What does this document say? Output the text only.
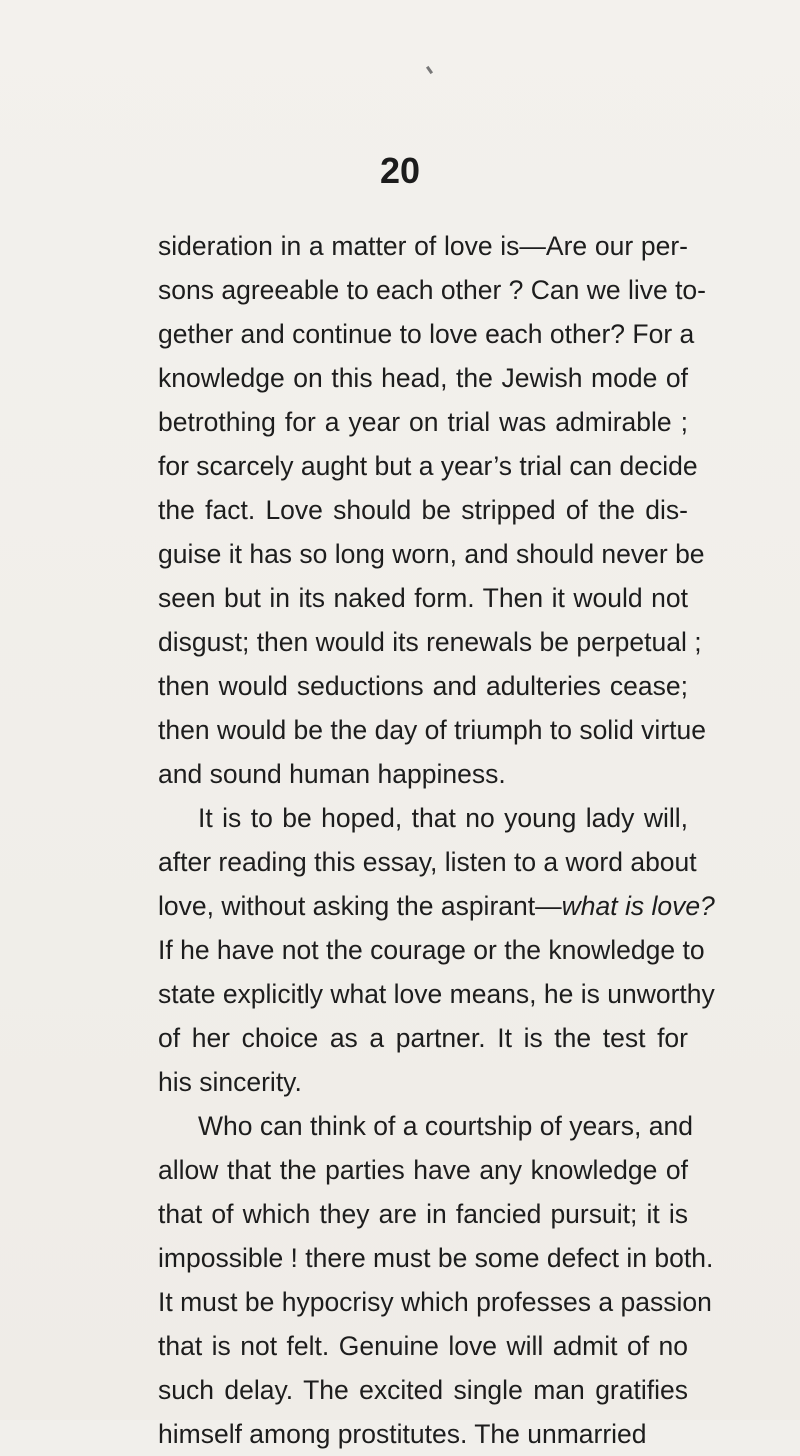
20
sideration in a matter of love is—Are our per-
sons agreeable to each other ? Can we live to-
gether and continue to love each other? For a
knowledge on this head, the Jewish mode of
betrothing for a year on trial was admirable ;
for scarcely aught but a year’s trial can decide
the fact. Love should be stripped of the dis-
guise it has so long worn, and should never be
seen but in its naked form. Then it would not
disgust; then would its renewals be perpetual ;
then would seductions and adulteries cease;
then would be the day of triumph to solid virtue
and sound human happiness.
It is to be hoped, that no young lady will,
after reading this essay, listen to a word about
love, without asking the aspirant—what is love?
If he have not the courage or the knowledge to
state explicitly what love means, he is unworthy
of her choice as a partner. It is the test for
his sincerity.
Who can think of a courtship of years, and
allow that the parties have any knowledge of
that of which they are in fancied pursuit; it is
impossible ! there must be some defect in both.
It must be hypocrisy which professes a passion
that is not felt. Genuine love will admit of no
such delay. The excited single man gratifies
himself among prostitutes. The unmarried
